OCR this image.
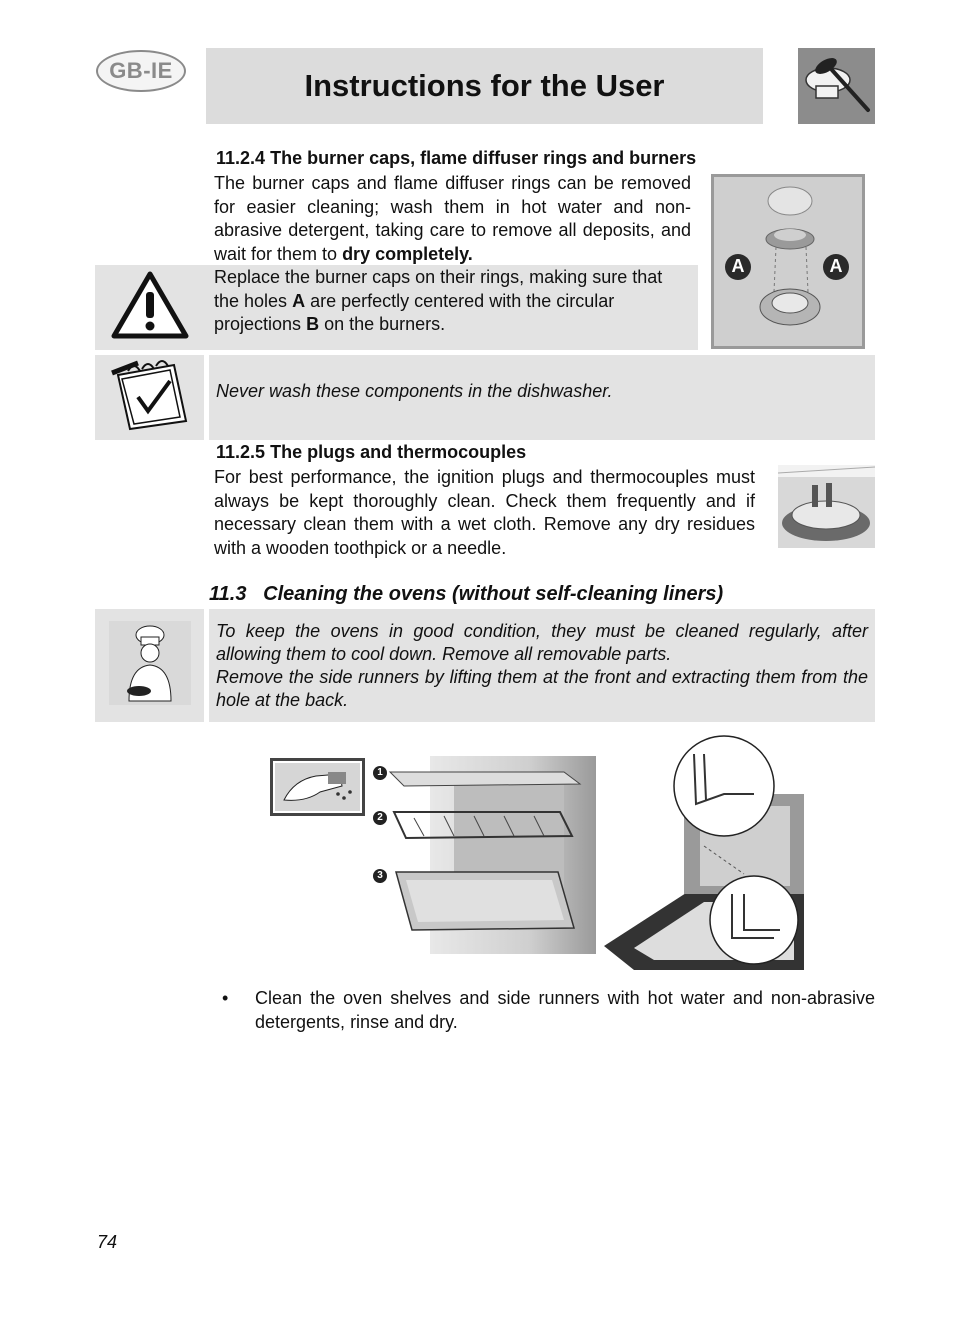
GB-IE	Instructions for the User
11.2.4 The burner caps, flame diffuser rings and burners
The burner caps and flame diffuser rings can be removed for easier cleaning; wash them in hot water and non-abrasive detergent, taking care to remove all deposits, and wait for them to dry completely.
Replace the burner caps on their rings, making sure that the holes A are perfectly centered with the circular projections B on the burners.
A	A
Never wash these components in the dishwasher.
11.2.5 The plugs and thermocouples
For best performance, the ignition plugs and thermocouples must always be kept thoroughly clean. Check them frequently and if necessary clean them with a wet cloth. Remove any dry residues with a wooden toothpick or a needle.
11.3 Cleaning the ovens (without self-cleaning liners)
To keep the ovens in good condition, they must be cleaned regularly, after allowing them to cool down. Remove all removable parts.
Remove the side runners by lifting them at the front and extracting them from the hole at the back.
1
2
3
• Clean the oven shelves and side runners with hot water and non-abrasive detergents, rinse and dry.
74
